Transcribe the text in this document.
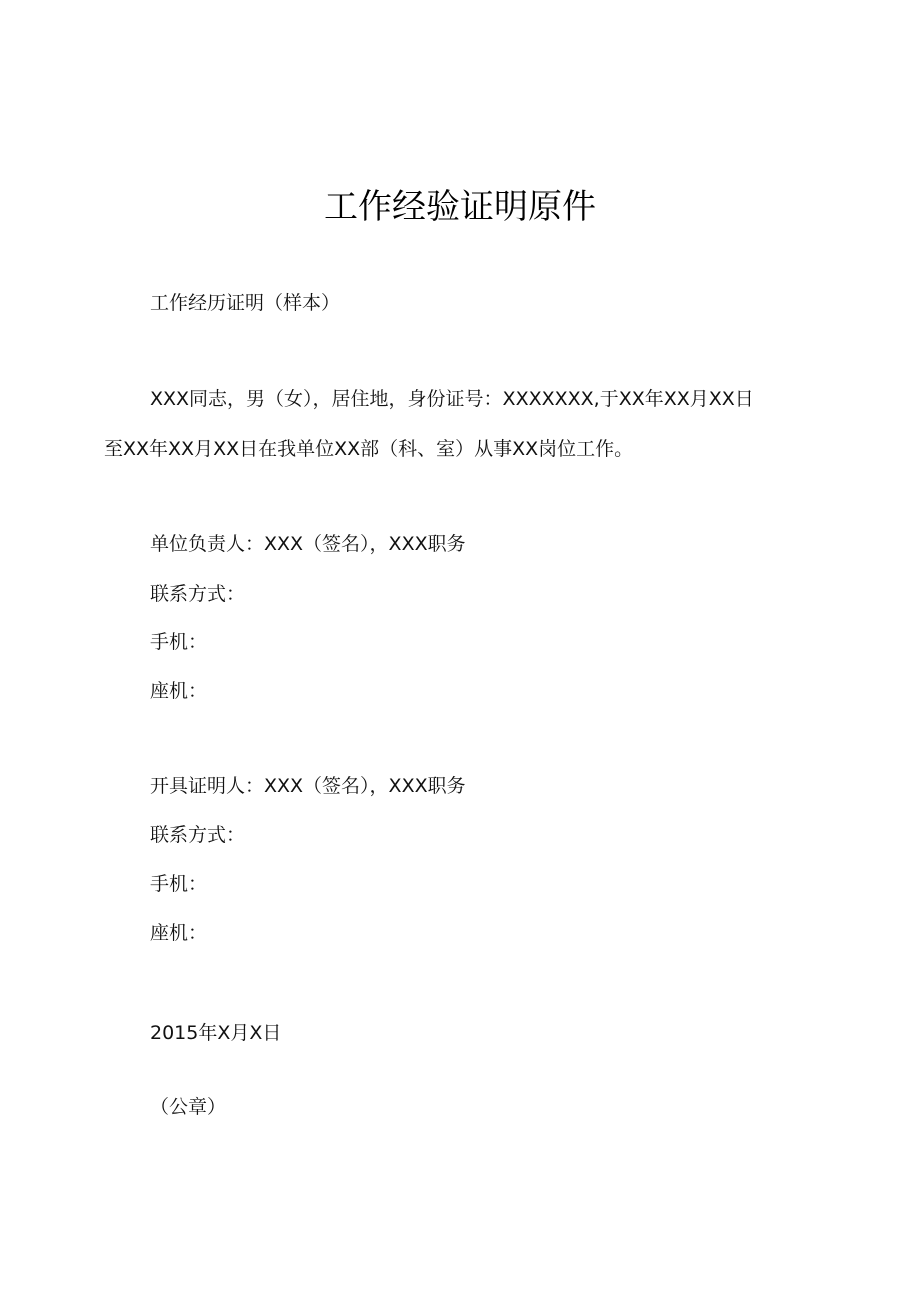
工作经验证明原件
工作经历证明（样本）
XXX同志，男（女），居住地，身份证号：XXXXXXX,于XX年XX月XX日
至XX年XX月XX日在我单位XX部（科、室）从事XX岗位工作。
单位负责人：XXX（签名），XXX职务
联系方式：
手机：
座机：
开具证明人：XXX（签名），XXX职务
联系方式：
手机：
座机：
2015年X月X日
（公章）
